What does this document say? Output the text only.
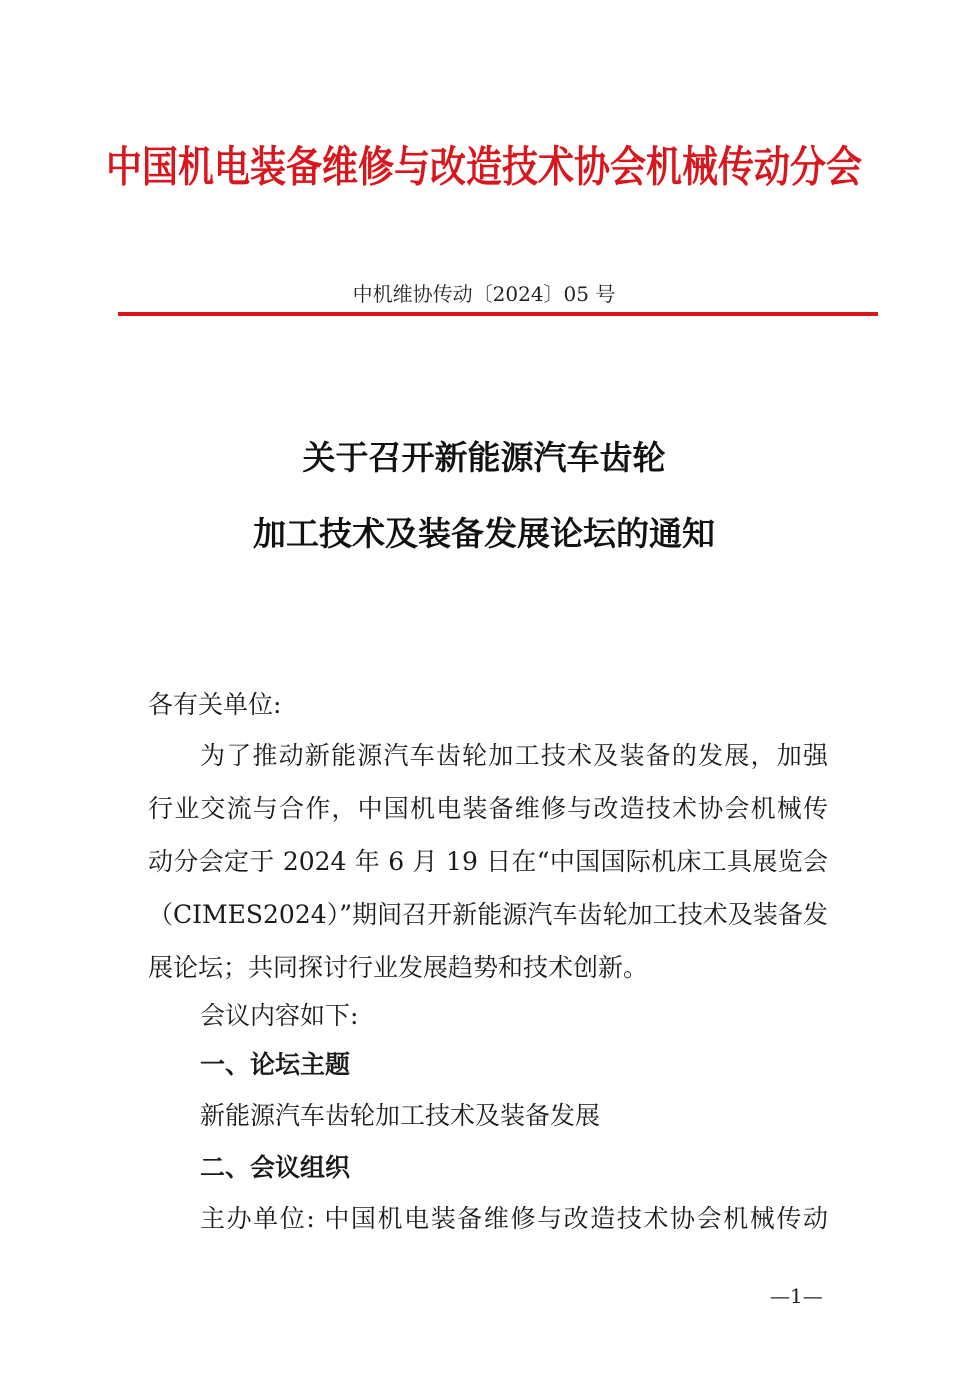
中国机电装备维修与改造技术协会机械传动分会
中机维协传动〔2024〕05 号
关于召开新能源汽车齿轮
加工技术及装备发展论坛的通知
各有关单位:
为了推动新能源汽车齿轮加工技术及装备的发展，加强
行业交流与合作，中国机电装备维修与改造技术协会机械传
动分会定于 2024 年 6 月 19 日在“中国国际机床工具展览会
（CIMES2024）”期间召开新能源汽车齿轮加工技术及装备发
展论坛；共同探讨行业发展趋势和技术创新。
会议内容如下:
一、论坛主题
新能源汽车齿轮加工技术及装备发展
二、会议组织
主办单位: 中国机电装备维修与改造技术协会机械传动
—1—
